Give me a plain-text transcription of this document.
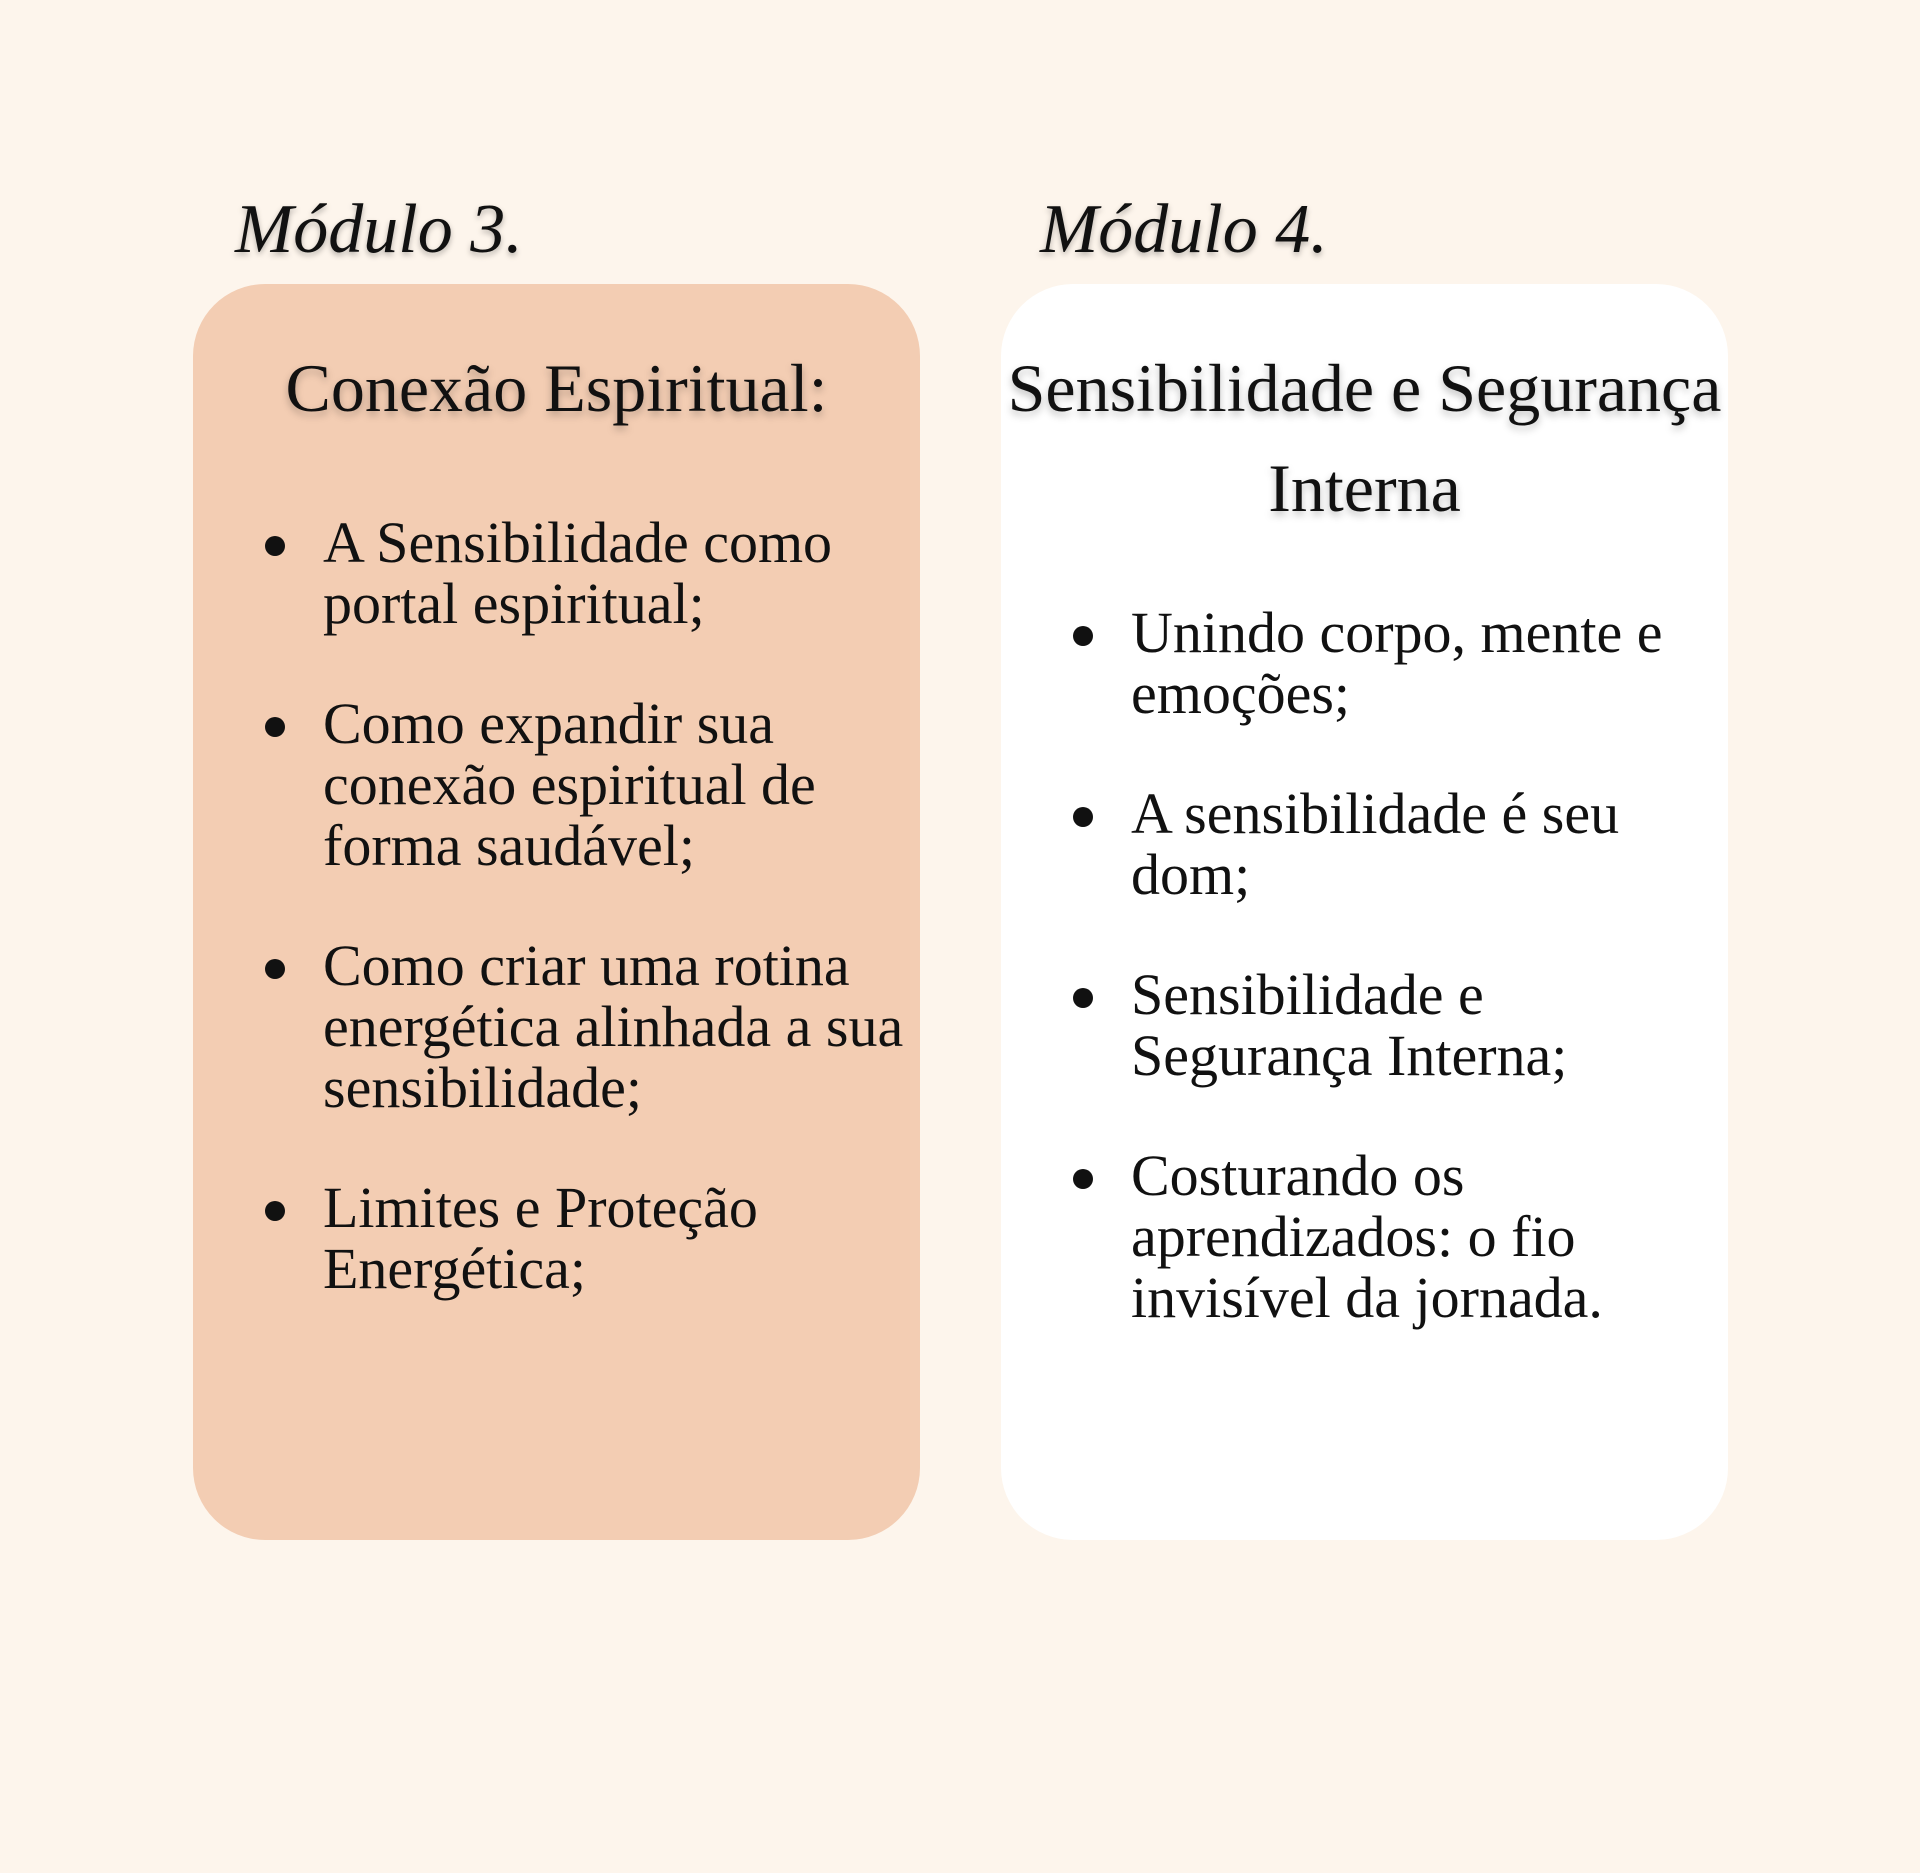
Módulo 3.	Módulo 4.
Conexão Espiritual:
A Sensibilidade como portal espiritual;
Como expandir sua conexão espiritual de forma saudável;
Como criar uma rotina energética alinhada a sua sensibilidade;
Limites e Proteção Energética;
Sensibilidade e Segurança Interna
Unindo corpo, mente e emoções;
A sensibilidade é seu dom;
Sensibilidade e Segurança Interna;
Costurando os aprendizados: o fio invisível da jornada.
